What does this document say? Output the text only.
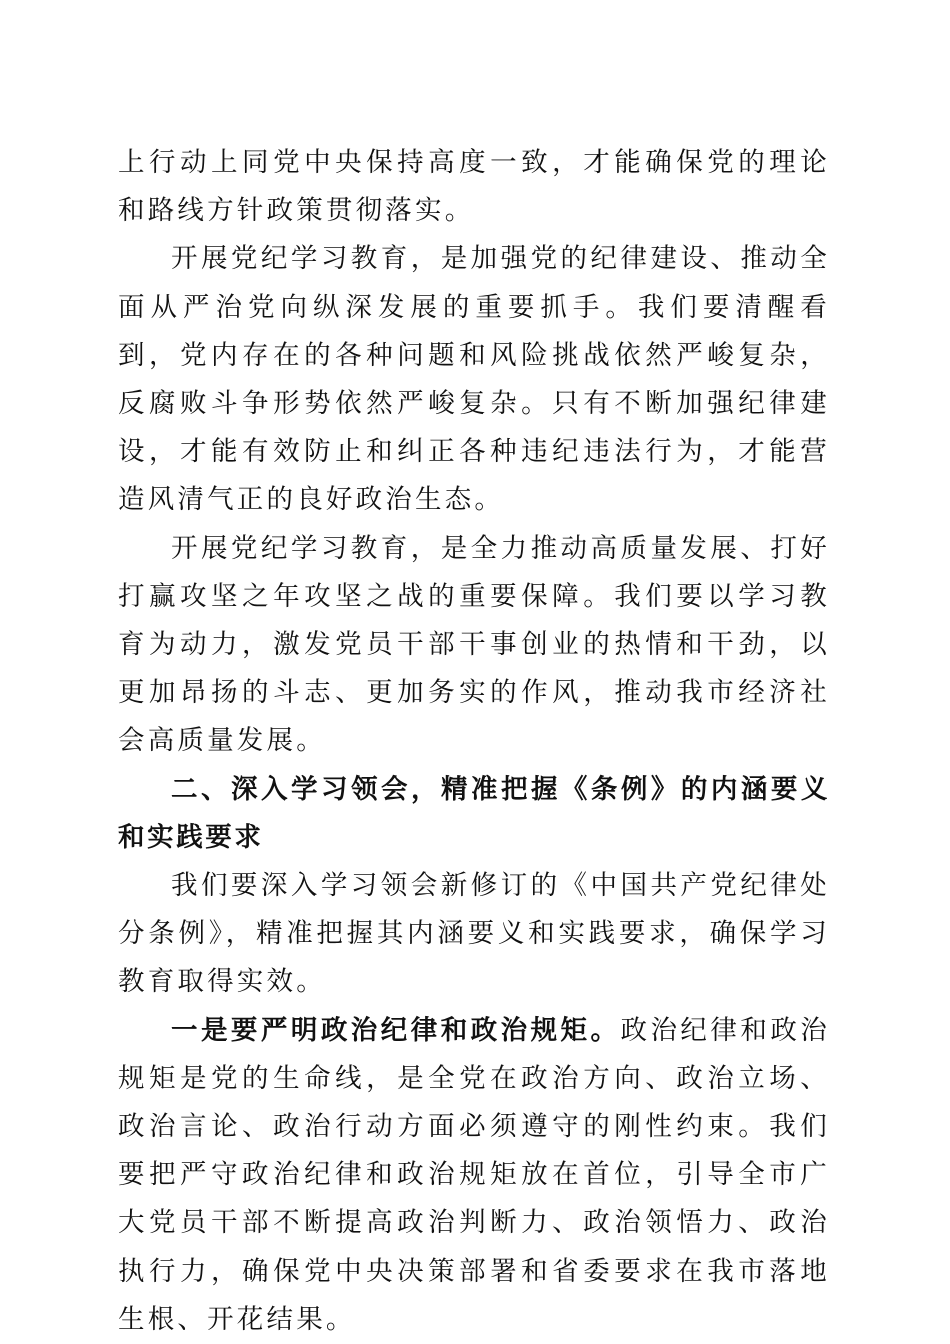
上行动上同党中央保持高度一致，才能确保党的理论和路线方针政策贯彻落实。

开展党纪学习教育，是加强党的纪律建设、推动全面从严治党向纵深发展的重要抓手。我们要清醒看到，党内存在的各种问题和风险挑战依然严峻复杂，反腐败斗争形势依然严峻复杂。只有不断加强纪律建设，才能有效防止和纠正各种违纪违法行为，才能营造风清气正的良好政治生态。

开展党纪学习教育，是全力推动高质量发展、打好打赢攻坚之年攻坚之战的重要保障。我们要以学习教育为动力，激发党员干部干事创业的热情和干劲，以更加昂扬的斗志、更加务实的作风，推动我市经济社会高质量发展。

二、深入学习领会，精准把握《条例》的内涵要义和实践要求

我们要深入学习领会新修订的《中国共产党纪律处分条例》，精准把握其内涵要义和实践要求，确保学习教育取得实效。

一是要严明政治纪律和政治规矩。政治纪律和政治规矩是党的生命线，是全党在政治方向、政治立场、政治言论、政治行动方面必须遵守的刚性约束。我们要把严守政治纪律和政治规矩放在首位，引导全市广大党员干部不断提高政治判断力、政治领悟力、政治执行力，确保党中央决策部署和省委要求在我市落地生根、开花结果。
